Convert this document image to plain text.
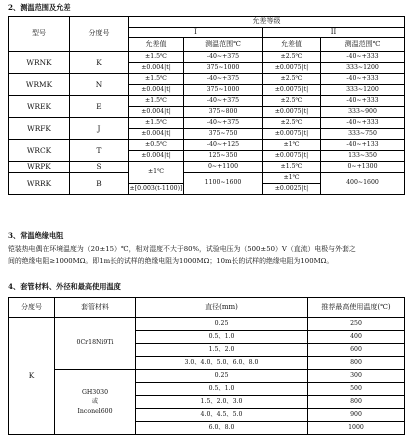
2、测温范围及允差
型号	分度号	允差等级			
		I		II	
		允差值	测温范围℃	允差值	测温范围℃
WRNK	K	±1.5℃	-40~+375	±2.5℃	-40~+333
		±0.004|t|	375~1000	±0.0075|t|	333~1200
WRMK	N	±1.5℃	-40~+375	±2.5℃	-40~+333
		±0.004|t|	375~1000	±0.0075|t|	333~1200
WREK	E	±1.5℃	-40~+375	±2.5℃	-40~+333
		±0.004|t|	375~800	±0.0075|t|	333~900
WRFK	J	±1.5℃	-40~+375	±2.5℃	-40~+333
		±0.004|t|	375~750	±0.0075|t|	333~750
WRCK	T	±0.5℃	-40~+125	±1℃	-40~+133
		±0.004|t|	125~350	±0.0075|t|	133~350
WRPK	S	±1℃	0~+1100	±1.5℃	0~+1300
WRRK	B		1100~1600	±1℃	400~1600
		±[0.003(t-1100)]		±0.0025|t|	
3、常温绝缘电阻
铠装热电偶在环境温度为（20±15）℃，相对湿度不大于80%，试验电压为（500±50）V（直流）电极与外套之
间的绝缘电阻≥1000MΩ。即1m长的试样的绝缘电阻为1000MΩ；10m长的试样的绝缘电阻为100MΩ。
4、套管材料、外径和最高使用温度
分度号	套管材料	直径(mm)	推荐最高使用温度(℃)
K	0Cr18Ni9Ti	0.25	250
		0.5、1.0	400
		1.5、2.0	600
		3.0、4.0、5.0、6.0、8.0	800

	GH3030
或
Inconel600	0.25	300
		0.5、1.0	500
		1.5、2.0、3.0	800
		4.0、4.5、5.0	900
		6.0、8.0	1000
